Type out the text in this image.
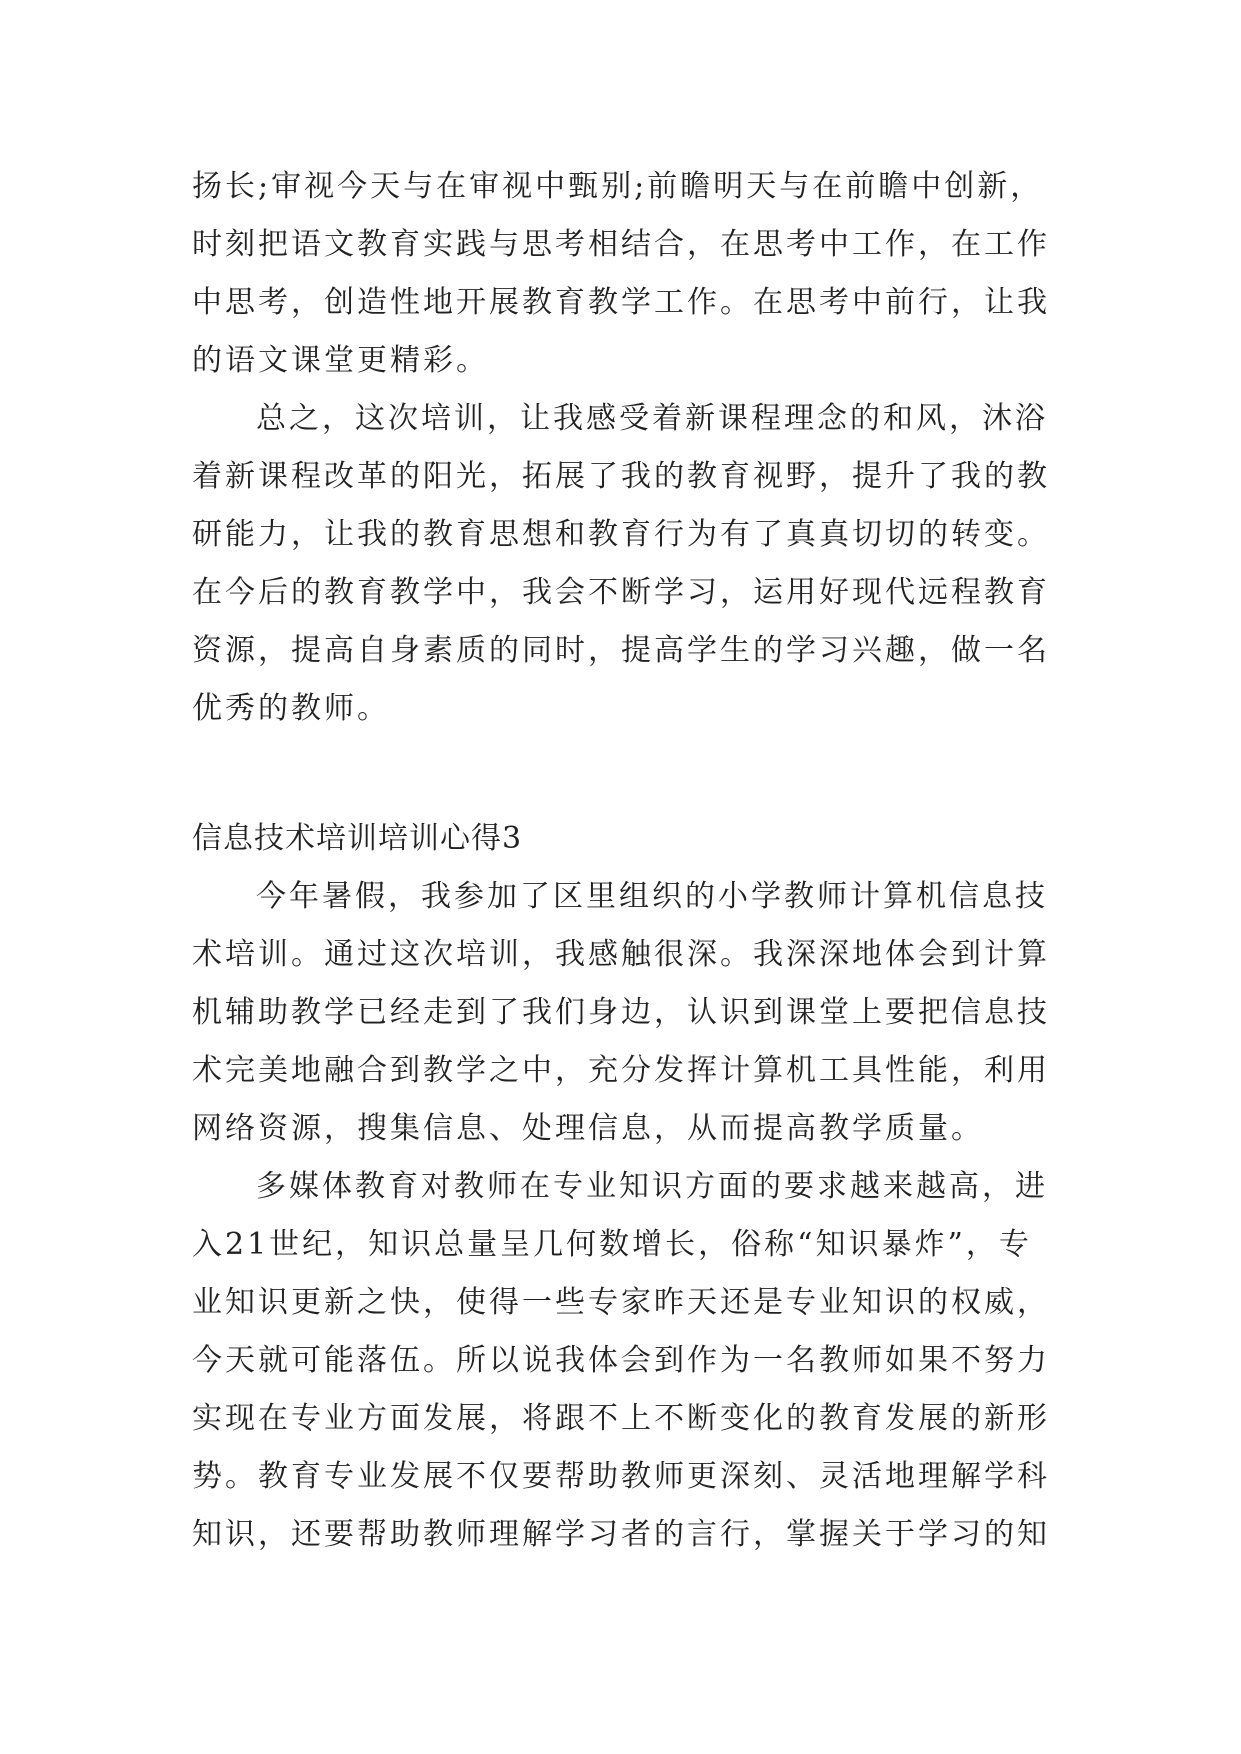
扬长;审视今天与在审视中甄别;前瞻明天与在前瞻中创新，
时刻把语文教育实践与思考相结合，在思考中工作，在工作
中思考，创造性地开展教育教学工作。在思考中前行，让我
的语文课堂更精彩。
总之，这次培训，让我感受着新课程理念的和风，沐浴
着新课程改革的阳光，拓展了我的教育视野，提升了我的教
研能力，让我的教育思想和教育行为有了真真切切的转变。
在今后的教育教学中，我会不断学习，运用好现代远程教育
资源，提高自身素质的同时，提高学生的学习兴趣，做一名
优秀的教师。
信息技术培训培训心得3
今年暑假，我参加了区里组织的小学教师计算机信息技
术培训。通过这次培训，我感触很深。我深深地体会到计算
机辅助教学已经走到了我们身边，认识到课堂上要把信息技
术完美地融合到教学之中，充分发挥计算机工具性能，利用
网络资源，搜集信息、处理信息，从而提高教学质量。
多媒体教育对教师在专业知识方面的要求越来越高，进
入21世纪，知识总量呈几何数增长，俗称“知识暴炸”，专
业知识更新之快，使得一些专家昨天还是专业知识的权威，
今天就可能落伍。所以说我体会到作为一名教师如果不努力
实现在专业方面发展，将跟不上不断变化的教育发展的新形
势。教育专业发展不仅要帮助教师更深刻、灵活地理解学科
知识，还要帮助教师理解学习者的言行，掌握关于学习的知
